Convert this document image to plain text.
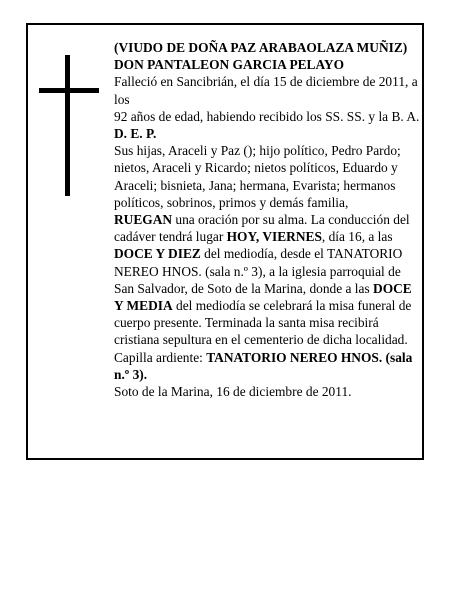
(VIUDO DE DOÑA PAZ ARABAOLAZA MUÑIZ)

DON PANTALEON GARCIA PELAYO

Falleció en Sancibrián, el día 15 de diciembre de 2011, a los

92 años de edad, habiendo recibido los SS. SS. y la B. A.

D. E. P.

Sus hijas, Araceli y Paz (); hijo político, Pedro Pardo; nietos, Araceli y Ricardo; nietos políticos, Eduardo y Araceli; bisnieta, Jana; hermana, Evarista; hermanos políticos, sobrinos, primos y demás familia,

RUEGAN una oración por su alma. La conducción del cadáver tendrá lugar HOY, VIERNES, día 16, a las DOCE Y DIEZ del mediodía, desde el TANATORIO NEREO HNOS. (sala n.º 3), a la iglesia parroquial de San Salvador, de Soto de la Marina, donde a las DOCE Y MEDIA del mediodía se celebrará la misa funeral de cuerpo presente. Terminada la santa misa recibirá cristiana sepultura en el cementerio de dicha localidad. Capilla ardiente: TANATORIO NEREO HNOS. (sala n.º 3).

Soto de la Marina, 16 de diciembre de 2011.
